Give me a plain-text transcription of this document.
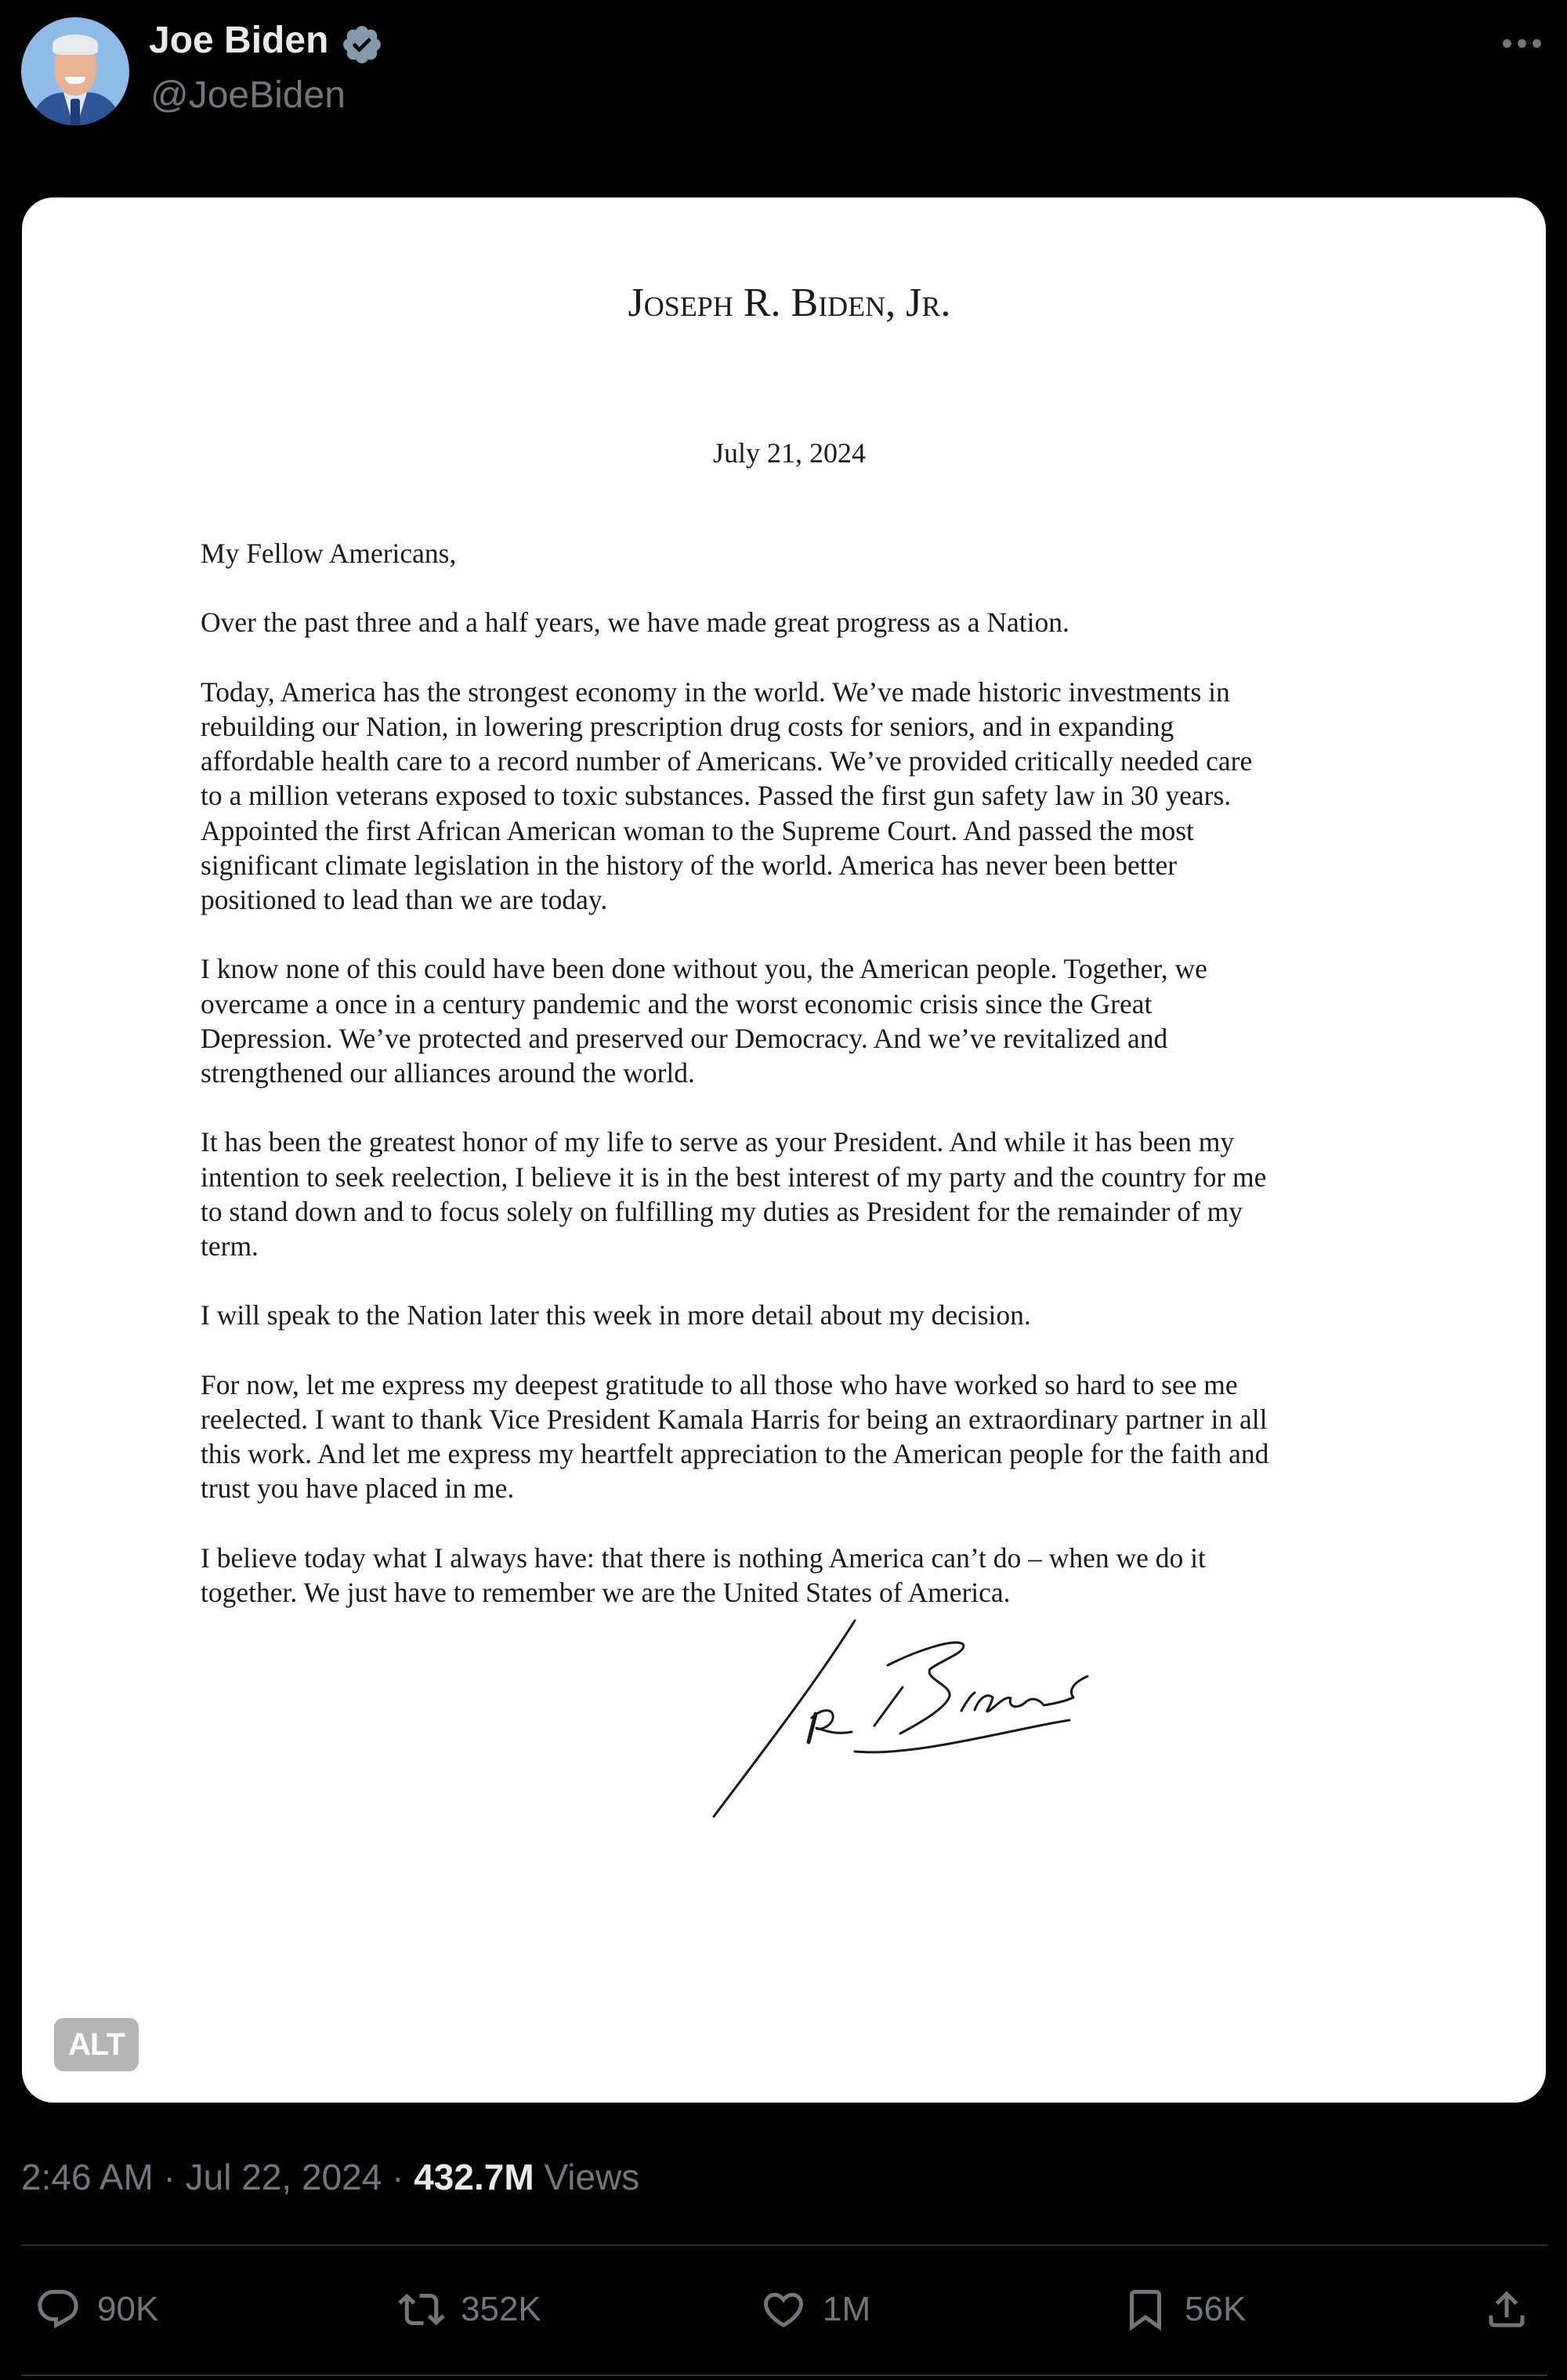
Joe Biden
@JoeBiden
Joseph R. Biden, Jr.
July 21, 2024
My Fellow Americans,
Over the past three and a half years, we have made great progress as a Nation.
Today, America has the strongest economy in the world. We’ve made historic investments in
rebuilding our Nation, in lowering prescription drug costs for seniors, and in expanding
affordable health care to a record number of Americans. We’ve provided critically needed care
to a million veterans exposed to toxic substances. Passed the first gun safety law in 30 years.
Appointed the first African American woman to the Supreme Court. And passed the most
significant climate legislation in the history of the world. America has never been better
positioned to lead than we are today.
I know none of this could have been done without you, the American people. Together, we
overcame a once in a century pandemic and the worst economic crisis since the Great
Depression. We’ve protected and preserved our Democracy. And we’ve revitalized and
strengthened our alliances around the world.
It has been the greatest honor of my life to serve as your President. And while it has been my
intention to seek reelection, I believe it is in the best interest of my party and the country for me
to stand down and to focus solely on fulfilling my duties as President for the remainder of my
term.
I will speak to the Nation later this week in more detail about my decision.
For now, let me express my deepest gratitude to all those who have worked so hard to see me
reelected. I want to thank Vice President Kamala Harris for being an extraordinary partner in all
this work. And let me express my heartfelt appreciation to the American people for the faith and
trust you have placed in me.
I believe today what I always have: that there is nothing America can’t do – when we do it
together. We just have to remember we are the United States of America.
ALT
2:46 AM · Jul 22, 2024 · 432.7M Views
90K	352K	1M	56K
